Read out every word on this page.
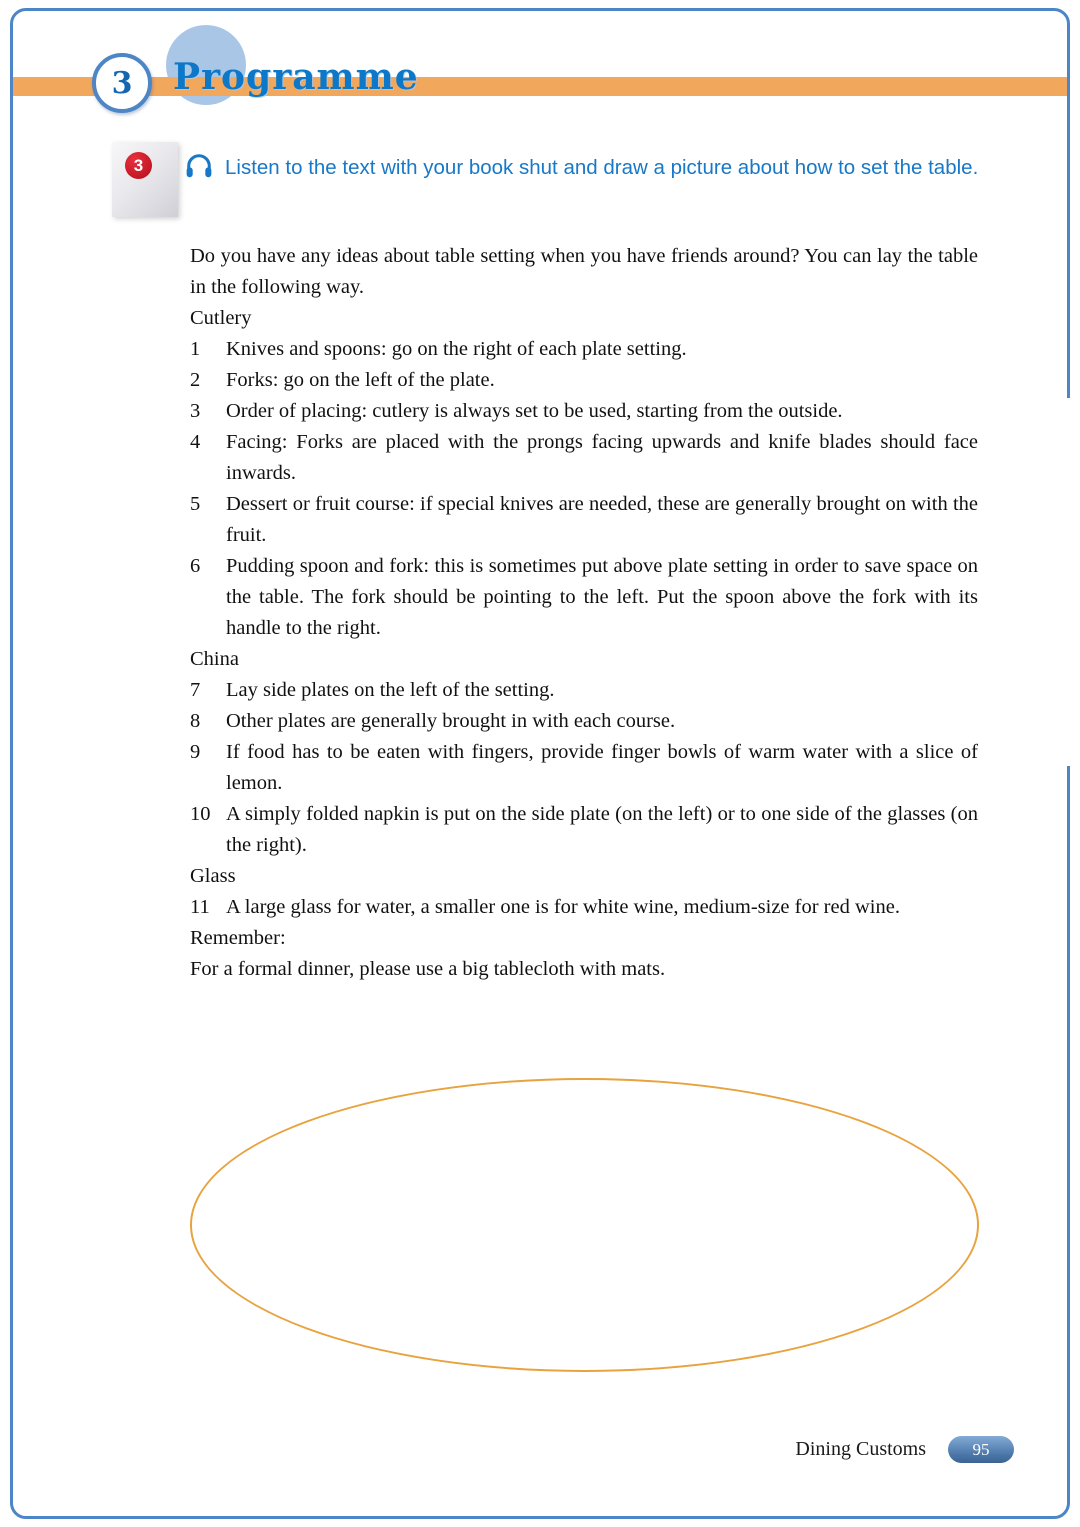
3 Programme
3	Listen to the text with your book shut and draw a picture about how to set the table.

Do you have any ideas about table setting when you have friends around? You can lay the table in the following way.

Cutlery
1	Knives and spoons: go on the right of each plate setting.
2	Forks: go on the left of the plate.
3	Order of placing: cutlery is always set to be used, starting from the outside.
4	Facing: Forks are placed with the prongs facing upwards and knife blades should face inwards.
5	Dessert or fruit course: if special knives are needed, these are generally brought on with the fruit.
6	Pudding spoon and fork: this is sometimes put above plate setting in order to save space on the table. The fork should be pointing to the left. Put the spoon above the fork with its handle to the right.
China
7	Lay side plates on the left of the setting.
8	Other plates are generally brought in with each course.
9	If food has to be eaten with fingers, provide finger bowls of warm water with a slice of lemon.
10 A simply folded napkin is put on the side plate (on the left) or to one side of the glasses (on the right).
Glass
11 A large glass for water, a smaller one is for white wine, medium-size for red wine.
Remember:
For a formal dinner, please use a big tablecloth with mats.
Dining Customs	95
